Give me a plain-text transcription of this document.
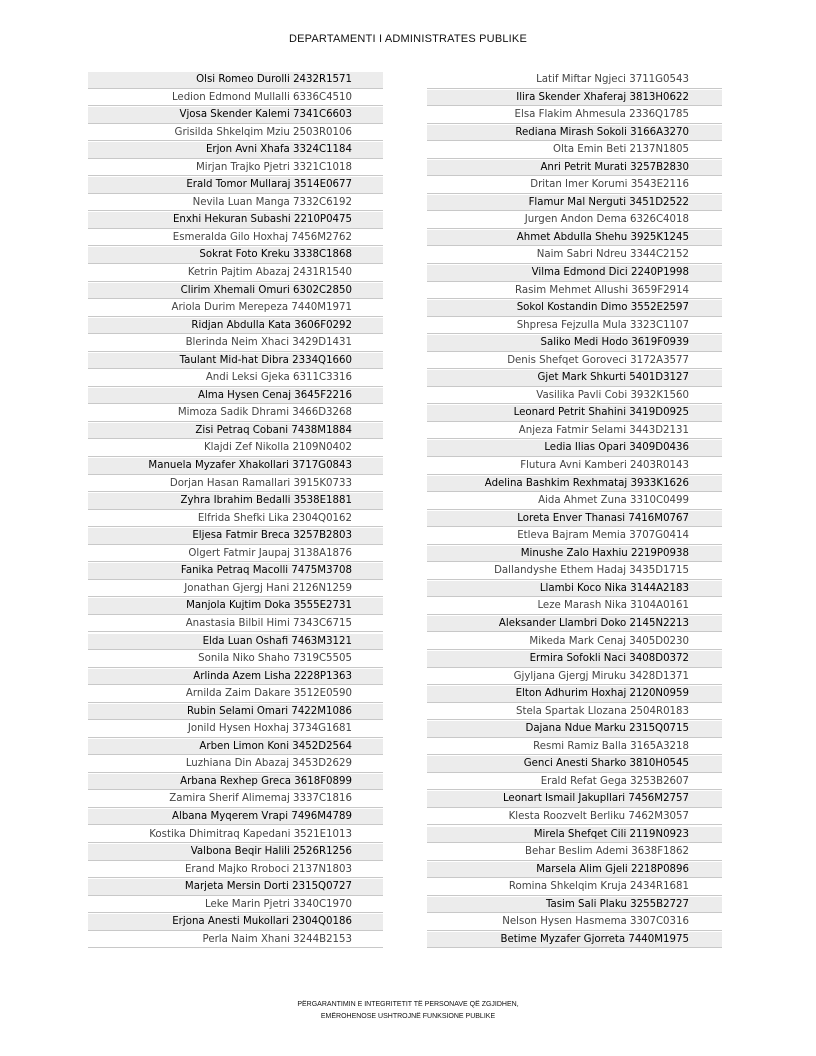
DEPARTAMENTI I ADMINISTRATES PUBLIKE
Olsi Romeo Durolli 2432R1571
Ledion Edmond Mullalli 6336C4510
Vjosa Skender Kalemi 7341C6603
Grisilda Shkelqim Mziu 2503R0106
Erjon Avni Xhafa 3324C1184
Mirjan Trajko Pjetri 3321C1018
Erald Tomor Mullaraj 3514E0677
Nevila Luan Manga 7332C6192
Enxhi Hekuran Subashi 2210P0475
Esmeralda Gilo Hoxhaj 7456M2762
Sokrat Foto Kreku 3338C1868
Ketrin Pajtim Abazaj 2431R1540
Clirim Xhemali Omuri 6302C2850
Ariola Durim Merepeza 7440M1971
Ridjan Abdulla Kata 3606F0292
Blerinda Neim Xhaci 3429D1431
Taulant Mid-hat Dibra 2334Q1660
Andi Leksi Gjeka 6311C3316
Alma Hysen Cenaj 3645F2216
Mimoza Sadik Dhrami 3466D3268
Zisi Petraq Cobani 7438M1884
Klajdi Zef Nikolla 2109N0402
Manuela Myzafer Xhakollari 3717G0843
Dorjan Hasan Ramallari 3915K0733
Zyhra Ibrahim Bedalli 3538E1881
Elfrida Shefki Lika 2304Q0162
Eljesa Fatmir Breca 3257B2803
Olgert Fatmir Jaupaj 3138A1876
Fanika Petraq Macolli 7475M3708
Jonathan Gjergj Hani 2126N1259
Manjola Kujtim Doka 3555E2731
Anastasia Bilbil Himi 7343C6715
Elda Luan Oshafi 7463M3121
Sonila Niko Shaho 7319C5505
Arlinda Azem Lisha 2228P1363
Arnilda Zaim Dakare 3512E0590
Rubin Selami Omari 7422M1086
Jonild Hysen Hoxhaj 3734G1681
Arben Limon Koni 3452D2564
Luzhiana Din Abazaj 3453D2629
Arbana Rexhep Greca 3618F0899
Zamira Sherif Alimemaj 3337C1816
Albana Myqerem Vrapi 7496M4789
Kostika Dhimitraq Kapedani 3521E1013
Valbona Beqir Halili 2526R1256
Erand Majko Rroboci 2137N1803
Marjeta Mersin Dorti 2315Q0727
Leke Marin Pjetri 3340C1970
Erjona Anesti Mukollari 2304Q0186
Perla Naim Xhani 3244B2153
Latif Miftar Ngjeci 3711G0543
Ilira Skender Xhaferaj 3813H0622
Elsa Flakim Ahmesula 2336Q1785
Rediana Mirash Sokoli 3166A3270
Olta Emin Beti 2137N1805
Anri Petrit Murati 3257B2830
Dritan Imer Korumi 3543E2116
Flamur Mal Nerguti 3451D2522
Jurgen Andon Dema 6326C4018
Ahmet Abdulla Shehu 3925K1245
Naim Sabri Ndreu 3344C2152
Vilma Edmond Dici 2240P1998
Rasim Mehmet Allushi 3659F2914
Sokol Kostandin Dimo 3552E2597
Shpresa Fejzulla Mula 3323C1107
Saliko Medi Hodo 3619F0939
Denis Shefqet Goroveci 3172A3577
Gjet Mark Shkurti 5401D3127
Vasilika Pavli Cobi 3932K1560
Leonard Petrit Shahini 3419D0925
Anjeza Fatmir Selami 3443D2131
Ledia Ilias Opari 3409D0436
Flutura Avni Kamberi 2403R0143
Adelina Bashkim Rexhmataj 3933K1626
Aida Ahmet Zuna 3310C0499
Loreta Enver Thanasi 7416M0767
Etleva Bajram Memia 3707G0414
Minushe Zalo Haxhiu 2219P0938
Dallandyshe Ethem Hadaj 3435D1715
Llambi Koco Nika 3144A2183
Leze Marash Nika 3104A0161
Aleksander Llambri Doko 2145N2213
Mikeda Mark Cenaj 3405D0230
Ermira Sofokli Naci 3408D0372
Gjyljana Gjergj Miruku 3428D1371
Elton Adhurim Hoxhaj 2120N0959
Stela Spartak Llozana 2504R0183
Dajana Ndue Marku 2315Q0715
Resmi Ramiz Balla 3165A3218
Genci Anesti Sharko 3810H0545
Erald Refat Gega 3253B2607
Leonart Ismail Jakupllari 7456M2757
Klesta Roozvelt Berliku 7462M3057
Mirela Shefqet Cili 2119N0923
Behar Beslim Ademi 3638F1862
Marsela Alim Gjeli 2218P0896
Romina Shkelqim Kruja 2434R1681
Tasim Sali Plaku 3255B2727
Nelson Hysen Hasmema 3307C0316
Betime Myzafer Gjorreta 7440M1975
PËRGARANTIMIN E INTEGRITETIT TË PERSONAVE QË ZGJIDHEN,
EMËROHENOSE USHTROJNË FUNKSIONE PUBLIKE
